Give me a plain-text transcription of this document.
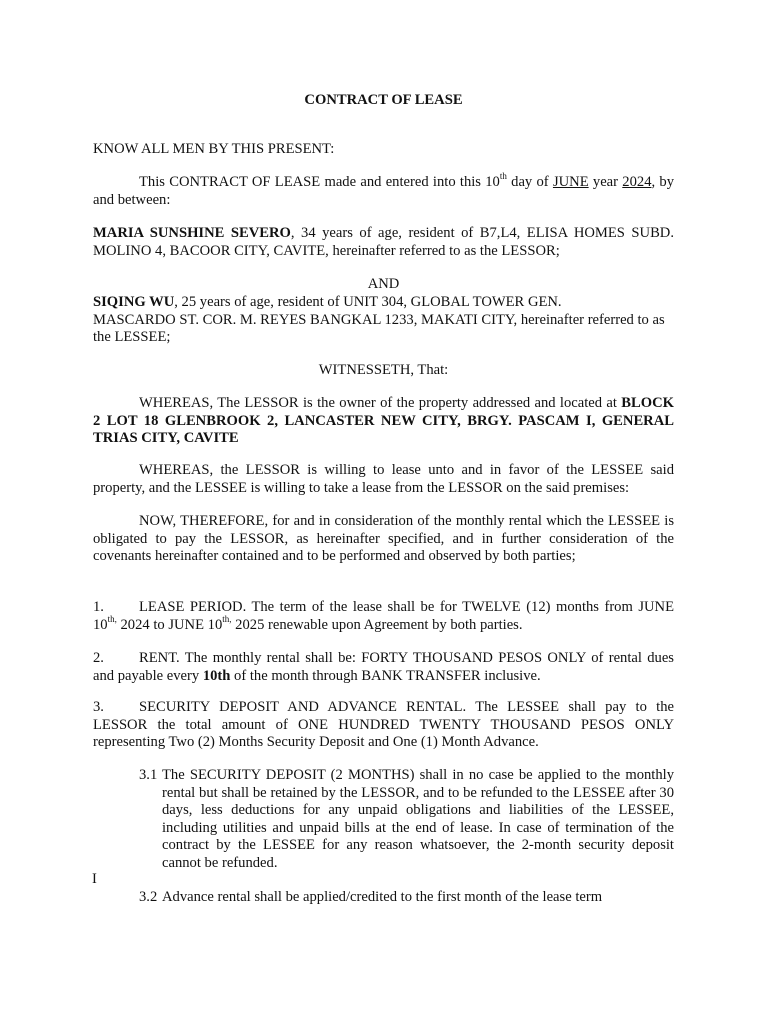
CONTRACT OF LEASE
KNOW ALL MEN BY THIS PRESENT:
This CONTRACT OF LEASE made and entered into this 10th day of JUNE year 2024, by and between:
MARIA SUNSHINE SEVERO, 34 years of age, resident of B7,L4, ELISA HOMES SUBD. MOLINO 4, BACOOR CITY, CAVITE, hereinafter referred to as the LESSOR;
AND
SIQING WU, 25 years of age, resident of UNIT 304, GLOBAL TOWER GEN.
MASCARDO ST. COR. M. REYES BANGKAL 1233, MAKATI CITY, hereinafter referred to as the LESSEE;
WITNESSETH, That:
WHEREAS, The LESSOR is the owner of the property addressed and located at BLOCK 2 LOT 18 GLENBROOK 2, LANCASTER NEW CITY, BRGY. PASCAM I, GENERAL TRIAS CITY, CAVITE
WHEREAS, the LESSOR is willing to lease unto and in favor of the LESSEE said property, and the LESSEE is willing to take a lease from the LESSOR on the said premises:
NOW, THEREFORE, for and in consideration of the monthly rental which the LESSEE is obligated to pay the LESSOR, as hereinafter specified, and in further consideration of the covenants hereinafter contained and to be performed and observed by both parties;
1. LEASE PERIOD. The term of the lease shall be for TWELVE (12) months from JUNE $10^{th,}$ 2024 to JUNE $10^{th,}$ 2025 renewable upon Agreement by both parties.
2. RENT. The monthly rental shall be: FORTY THOUSAND PESOS ONLY of rental dues and payable every 10th of the month through BANK TRANSFER inclusive.
3. SECURITY DEPOSIT AND ADVANCE RENTAL. The LESSEE shall pay to the LESSOR the total amount of ONE HUNDRED TWENTY THOUSAND PESOS ONLY representing Two (2) Months Security Deposit and One (1) Month Advance.
3.1 The SECURITY DEPOSIT (2 MONTHS) shall in no case be applied to the monthly rental but shall be retained by the LESSOR, and to be refunded to the LESSEE after 30 days, less deductions for any unpaid obligations and liabilities of the LESSEE, including utilities and unpaid bills at the end of lease. In case of termination of the contract by the LESSEE for any reason whatsoever, the 2-month security deposit cannot be refunded.
I
3.2 Advance rental shall be applied/credited to the first month of the lease term
